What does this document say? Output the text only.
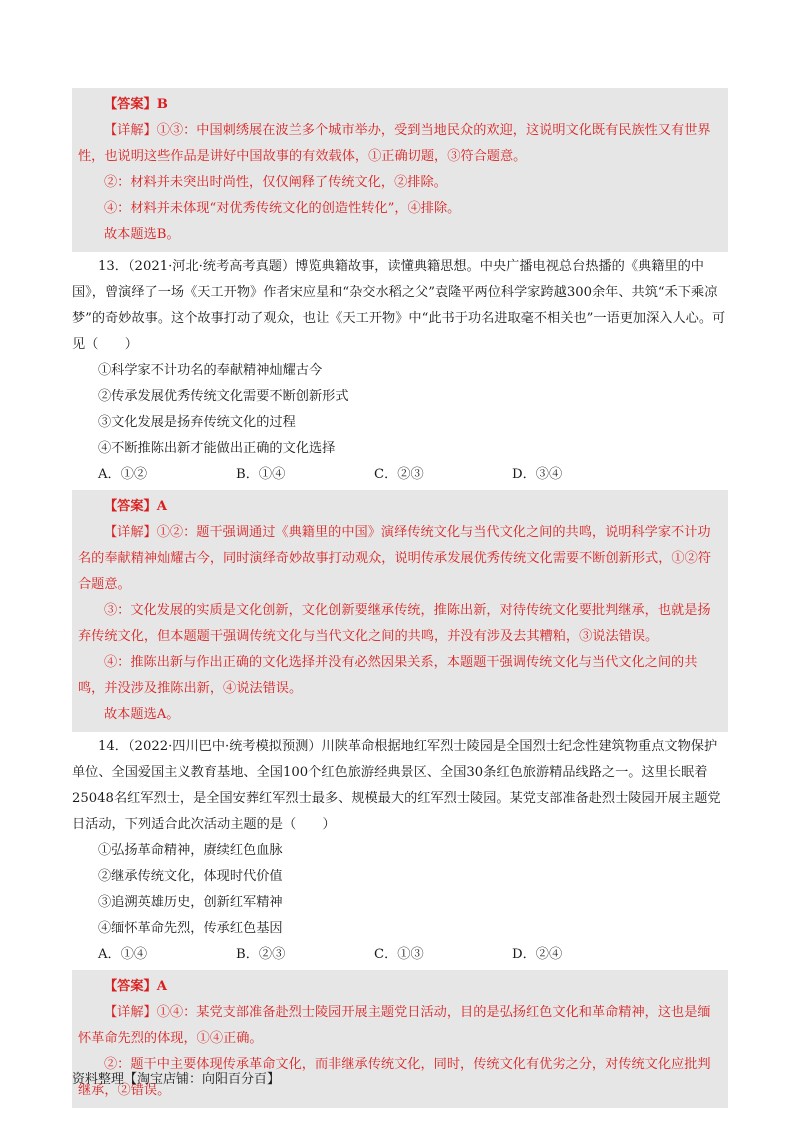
【答案】B

【详解】①③：中国刺绣展在波兰多个城市举办，受到当地民众的欢迎，这说明文化既有民族性又有世界性，也说明这些作品是讲好中国故事的有效载体，①正确切题，③符合题意。

②：材料并未突出时尚性，仅仅阐释了传统文化，②排除。

④：材料并未体现“对优秀传统文化的创造性转化”，④排除。

故本题选B。

13．（2021·河北·统考高考真题）博览典籍故事，读懂典籍思想。中央广播电视总台热播的《典籍里的中国》，曾演绎了一场《天工开物》作者宋应星和“杂交水稻之父”袁隆平两位科学家跨越300余年、共筑“禾下乘凉梦”的奇妙故事。这个故事打动了观众，也让《天工开物》中“此书于功名进取毫不相关也”一语更加深入人心。可见（　　）

①科学家不计功名的奉献精神灿耀古今

②传承发展优秀传统文化需要不断创新形式

③文化发展是扬弃传统文化的过程

④不断推陈出新才能做出正确的文化选择

A．①②	B．①④	C．②③	D．③④

【答案】A

【详解】①②：题干强调通过《典籍里的中国》演绎传统文化与当代文化之间的共鸣，说明科学家不计功名的奉献精神灿耀古今，同时演绎奇妙故事打动观众，说明传承发展优秀传统文化需要不断创新形式，①②符合题意。

③：文化发展的实质是文化创新，文化创新要继承传统，推陈出新，对待传统文化要批判继承，也就是扬弃传统文化，但本题题干强调传统文化与当代文化之间的共鸣，并没有涉及去其糟粕，③说法错误。

④：推陈出新与作出正确的文化选择并没有必然因果关系，本题题干强调传统文化与当代文化之间的共鸣，并没涉及推陈出新，④说法错误。

故本题选A。

14．（2022·四川巴中·统考模拟预测）川陕革命根据地红军烈士陵园是全国烈士纪念性建筑物重点文物保护单位、全国爱国主义教育基地、全国100个红色旅游经典景区、全国30条红色旅游精品线路之一。这里长眠着25048名红军烈士，是全国安葬红军烈士最多、规模最大的红军烈士陵园。某党支部准备赴烈士陵园开展主题党日活动，下列适合此次活动主题的是（　　）

①弘扬革命精神，赓续红色血脉

②继承传统文化，体现时代价值

③追溯英雄历史，创新红军精神

④缅怀革命先烈，传承红色基因

A．①④	B．②③	C．①③	D．②④

【答案】A

【详解】①④：某党支部准备赴烈士陵园开展主题党日活动，目的是弘扬红色文化和革命精神，这也是缅怀革命先烈的体现，①④正确。

②：题干中主要体现传承革命文化，而非继承传统文化，同时，传统文化有优劣之分，对传统文化应批判继承，②错误。

资料整理【淘宝店铺：向阳百分百】
